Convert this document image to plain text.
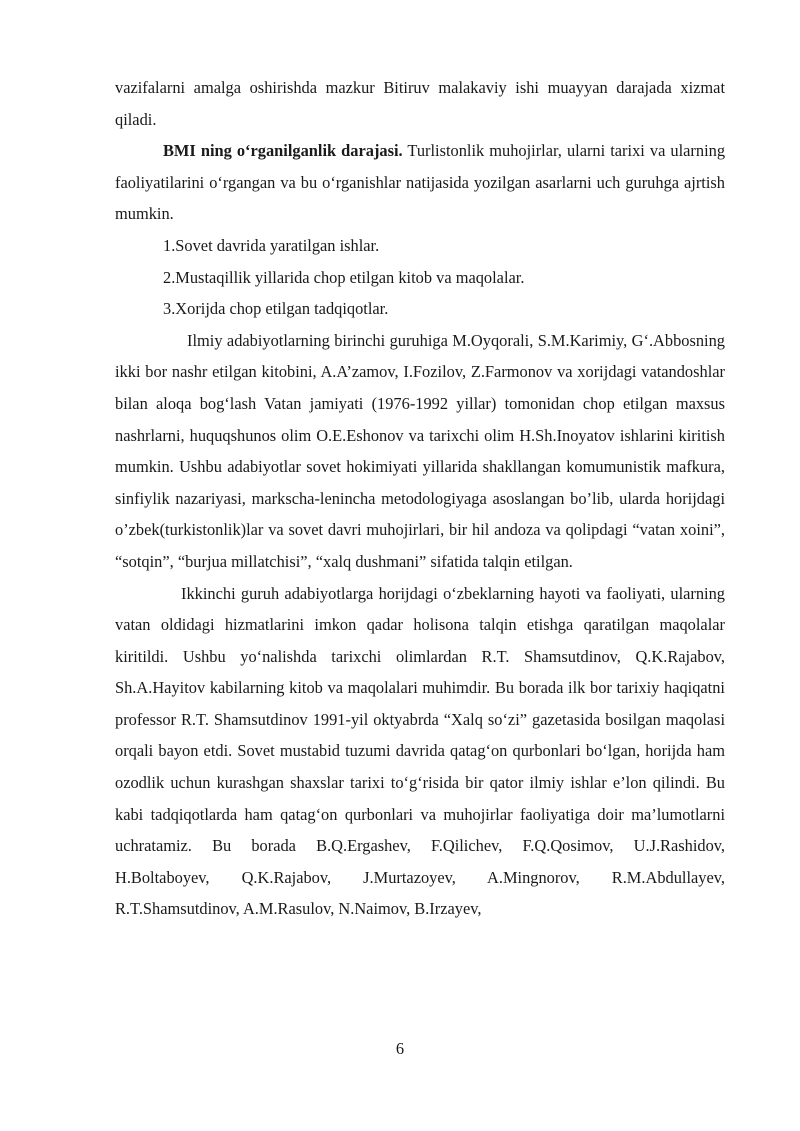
vazifalarni amalga oshirishda mazkur Bitiruv malakaviy ishi muayyan darajada xizmat qiladi.

BMI ning o‘rganilganlik darajasi. Turlistonlik muhojirlar, ularni tarixi va ularning faoliyatilarini o‘rgangan va bu o‘rganishlar natijasida yozilgan asarlarni uch guruhga ajrtish mumkin.

1.Sovet davrida yaratilgan ishlar.

2.Mustaqillik yillarida chop etilgan kitob va maqolalar.

3.Xorijda chop etilgan tadqiqotlar.

Ilmiy adabiyotlarning birinchi guruhiga M.Oyqorali, S.M.Karimiy, G‘.Abbosning ikki bor nashr etilgan kitobini, A.A’zamov, I.Fozilov, Z.Farmonov va xorijdagi vatandoshlar bilan aloqa bog‘lash Vatan jamiyati (1976-1992 yillar) tomonidan chop etilgan maxsus nashrlarni, huquqshunos olim O.E.Eshonov va tarixchi olim H.Sh.Inoyatov ishlarini kiritish mumkin. Ushbu adabiyotlar sovet hokimiyati yillarida shakllangan komumunistik mafkura, sinfiylik nazariyasi, markscha-lenincha metodologiyaga asoslangan bo’lib, ularda horijdagi o’zbek(turkistonlik)lar va sovet davri muhojirlari, bir hil andoza va qolipdagi “vatan xoini”, “sotqin”, “burjua millatchisi”, “xalq dushmani” sifatida talqin etilgan.

Ikkinchi guruh adabiyotlarga horijdagi o‘zbeklarning hayoti va faoliyati, ularning vatan oldidagi hizmatlarini imkon qadar holisona talqin etishga qaratilgan maqolalar kiritildi. Ushbu yo‘nalishda tarixchi olimlardan R.T. Shamsutdinov, Q.K.Rajabov, Sh.A.Hayitov kabilarning kitob va maqolalari muhimdir. Bu borada ilk bor tarixiy haqiqatni professor R.T. Shamsutdinov 1991-yil oktyabrda “Xalq so‘zi” gazetasida bosilgan maqolasi orqali bayon etdi. Sovet mustabid tuzumi davrida qatag‘on qurbonlari bo‘lgan, horijda ham ozodlik uchun kurashgan shaxslar tarixi to‘g‘risida bir qator ilmiy ishlar e’lon qilindi. Bu kabi tadqiqotlarda ham qatag‘on qurbonlari va muhojirlar faoliyatiga doir ma’lumotlarni uchratamiz. Bu borada B.Q.Ergashev, F.Qilichev, F.Q.Qosimov, U.J.Rashidov, H.Boltaboyev, Q.K.Rajabov, J.Murtazoyev, A.Mingnorov, R.M.Abdullayev, R.T.Shamsutdinov, A.M.Rasulov, N.Naimov, B.Irzayev,

6
